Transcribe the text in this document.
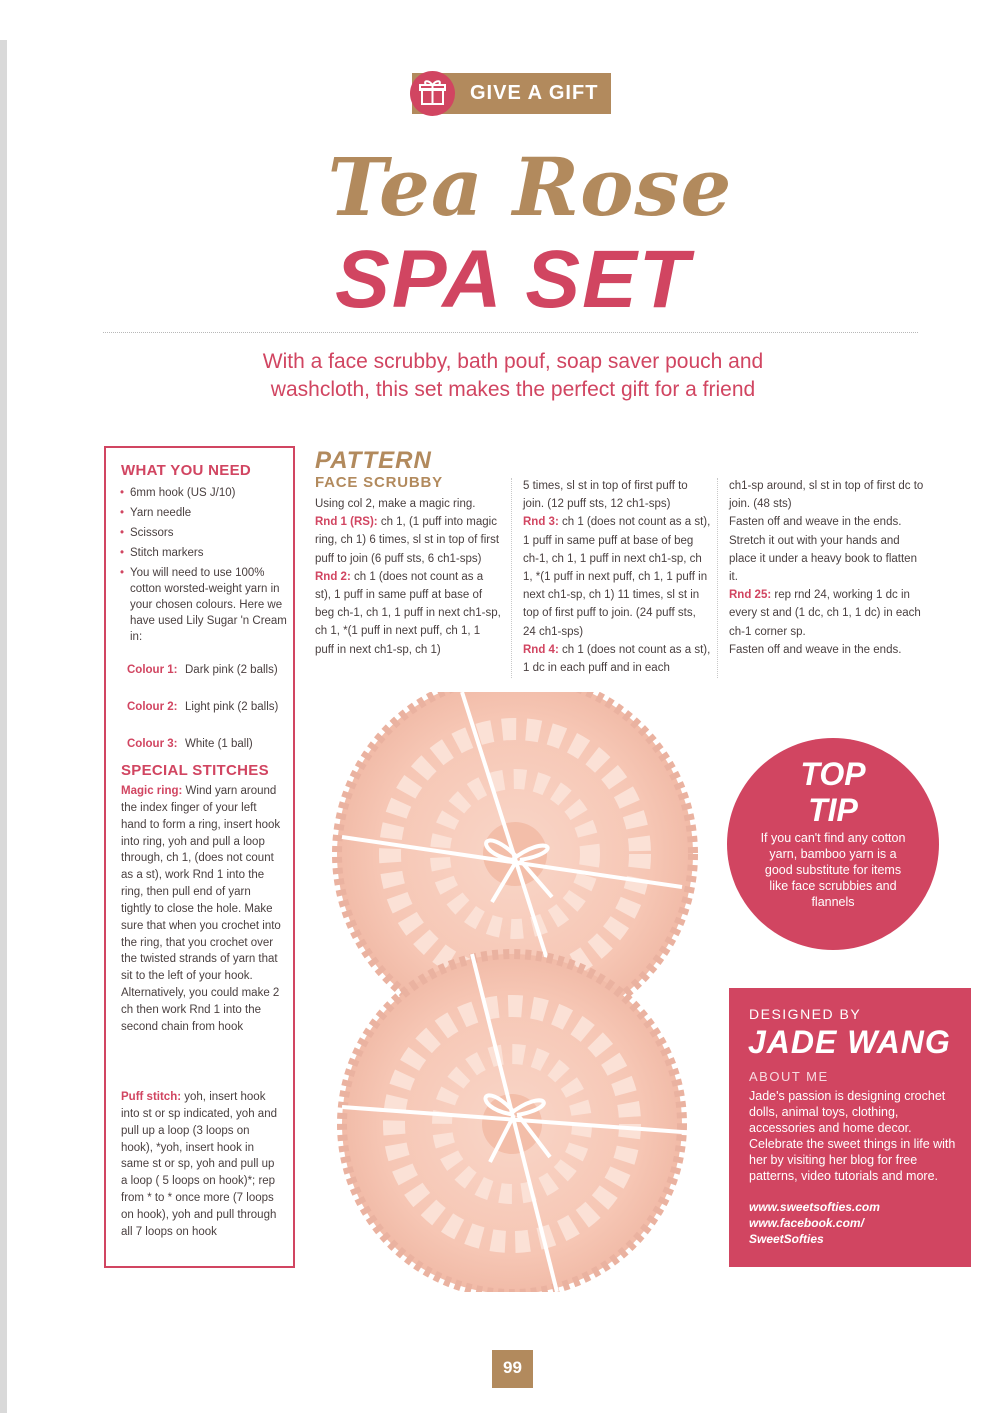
GIVE A GIFT
Tea Rose
SPA SET
With a face scrubby, bath pouf, soap saver pouch and
washcloth, this set makes the perfect gift for a friend
WHAT YOU NEED
• 6mm hook (US J/10)
• Yarn needle
• Scissors
• Stitch markers
• You will need to use 100% cotton worsted-weight yarn in your chosen colours. Here we have used Lily Sugar 'n Cream in:
Colour 1: Dark pink (2 balls)
Colour 2: Light pink (2 balls)
Colour 3: White (1 ball)
SPECIAL STITCHES
Magic ring: Wind yarn around the index finger of your left hand to form a ring, insert hook into ring, yoh and pull a loop through, ch 1, (does not count as a st), work Rnd 1 into the ring, then pull end of yarn tightly to close the hole. Make sure that when you crochet into the ring, that you crochet over the twisted strands of yarn that sit to the left of your hook. Alternatively, you could make 2 ch then work Rnd 1 into the second chain from hook
Puff stitch: yoh, insert hook into st or sp indicated, yoh and pull up a loop (3 loops on hook), *yoh, insert hook in same st or sp, yoh and pull up a loop ( 5 loops on hook)*; rep from * to * once more (7 loops on hook), yoh and pull through all 7 loops on hook
PATTERN
FACE SCRUBBY
Using col 2, make a magic ring.
Rnd 1 (RS): ch 1, (1 puff into magic ring, ch 1) 6 times, sl st in top of first puff to join (6 puff sts, 6 ch1-sps)
Rnd 2: ch 1 (does not count as a st), 1 puff in same puff at base of beg ch-1, ch 1, 1 puff in next ch1-sp, ch 1, *(1 puff in next puff, ch 1, 1 puff in next ch1-sp, ch 1)
5 times, sl st in top of first puff to join. (12 puff sts, 12 ch1-sps)
Rnd 3: ch 1 (does not count as a st), 1 puff in same puff at base of beg ch-1, ch 1, 1 puff in next ch1-sp, ch 1, *(1 puff in next puff, ch 1, 1 puff in next ch1-sp, ch 1) 11 times, sl st in top of first puff to join. (24 puff sts, 24 ch1-sps)
Rnd 4: ch 1 (does not count as a st), 1 dc in each puff and in each
ch1-sp around, sl st in top of first dc to join. (48 sts)
Fasten off and weave in the ends. Stretch it out with your hands and place it under a heavy book to flatten it.
Rnd 25: rep rnd 24, working 1 dc in every st and (1 dc, ch 1, 1 dc) in each ch-1 corner sp.
Fasten off and weave in the ends.
TOP
TIP
If you can't find any cotton yarn, bamboo yarn is a good substitute for items like face scrubbies and flannels
DESIGNED BY
JADE WANG
ABOUT ME
Jade's passion is designing crochet dolls, animal toys, clothing, accessories and home decor. Celebrate the sweet things in life with her by visiting her blog for free patterns, video tutorials and more.
www.sweetsofties.com
www.facebook.com/
SweetSofties
99
